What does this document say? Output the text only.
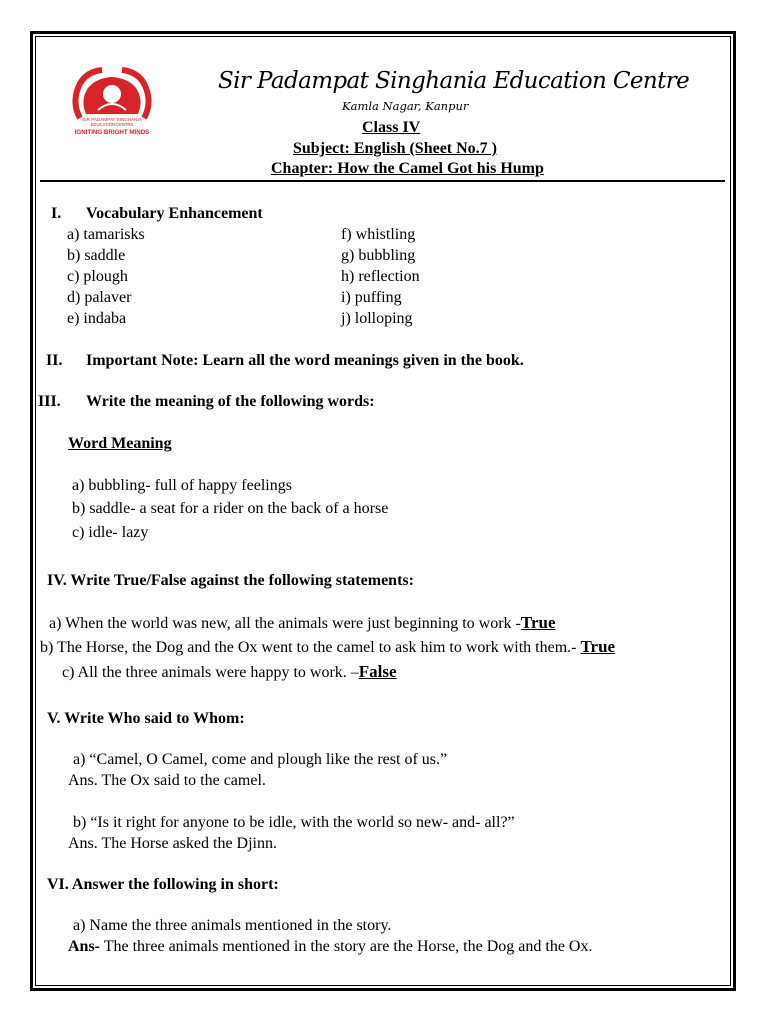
SIR PADAMPAT SINGHANIA
EDUCATION CENTRE
IGNITING BRIGHT MINDS
Sir Padampat Singhania Education Centre
Kamla Nagar, Kanpur
Class IV
Subject: English (Sheet No.7 )
Chapter: How the Camel Got his Hump
I. Vocabulary Enhancement
a) tamarisks
b) saddle
c) plough
d) palaver
e) indaba
f) whistling
g) bubbling
h) reflection
i) puffing
j) lolloping
II. Important Note: Learn all the word meanings given in the book.
III. Write the meaning of the following words:
Word Meaning
a) bubbling- full of happy feelings
b) saddle- a seat for a rider on the back of a horse
c) idle- lazy
IV. Write True/False against the following statements:
a) When the world was new, all the animals were just beginning to work -True
b) The Horse, the Dog and the Ox went to the camel to ask him to work with them.- True
c) All the three animals were happy to work. –False
V. Write Who said to Whom:
a) “Camel, O Camel, come and plough like the rest of us.”
Ans. The Ox said to the camel.
b) “Is it right for anyone to be idle, with the world so new- and- all?”
Ans. The Horse asked the Djinn.
VI. Answer the following in short:
a) Name the three animals mentioned in the story.
Ans- The three animals mentioned in the story are the Horse, the Dog and the Ox.
